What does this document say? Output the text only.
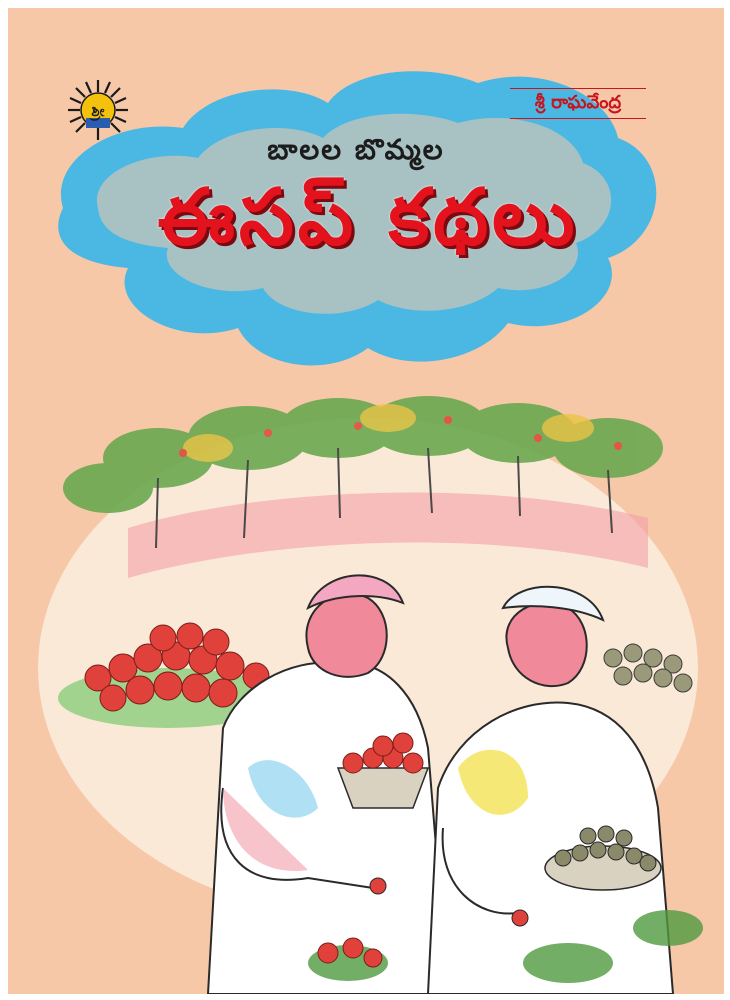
ಶ್ರೀ	శ్రీ రాఘవేంద్ర
బాలల బొమ్మల
ఈసప్ కథలు
